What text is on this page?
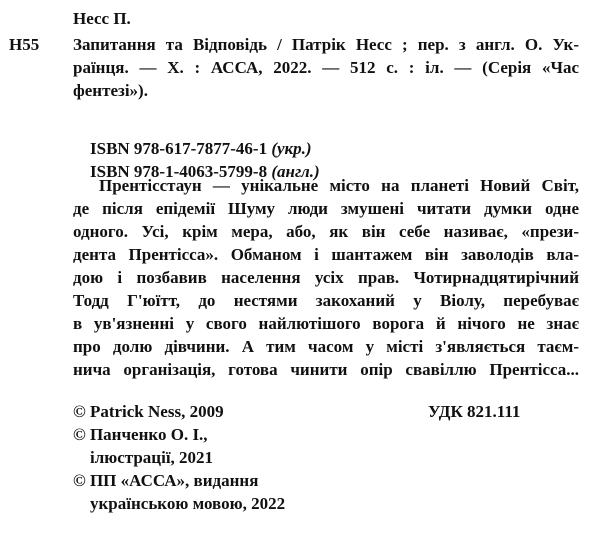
Несс П.
Н55 Запитання та Відповідь / Патрік Несс ; пер. з англ. О. Ук-
раїнця. — Х. : АССА, 2022. — 512 с. : іл. — (Серія «Час
фентезі»).

ISBN 978-617-7877-46-1 (укр.)

ISBN 978-1-4063-5799-8 (англ.)

Прентісстаун — унікальне місто на планеті Новий Світ,
де після епідемії Шуму люди змушені читати думки одне
одного. Усі, крім мера, або, як він себе називає, «прези-
дента Прентісса». Обманом і шантажем він заволодів вла-
дою і позбавив населення усіх прав. Чотирнадцятирічний
Тодд Г'юїтт, до нестями закоханий у Віолу, перебуває
в ув'язненні у свого найлютішого ворога й нічого не знає
про долю дівчини. А тим часом у місті з'являється таєм-
нича організація, готова чинити опір свавіллю Прентісса...
© Patrick Ness, 2009	УДК 821.111
© Панченко О. І.,
ілюстрації, 2021
© ПП «АССА», видання
українською мовою, 2022
